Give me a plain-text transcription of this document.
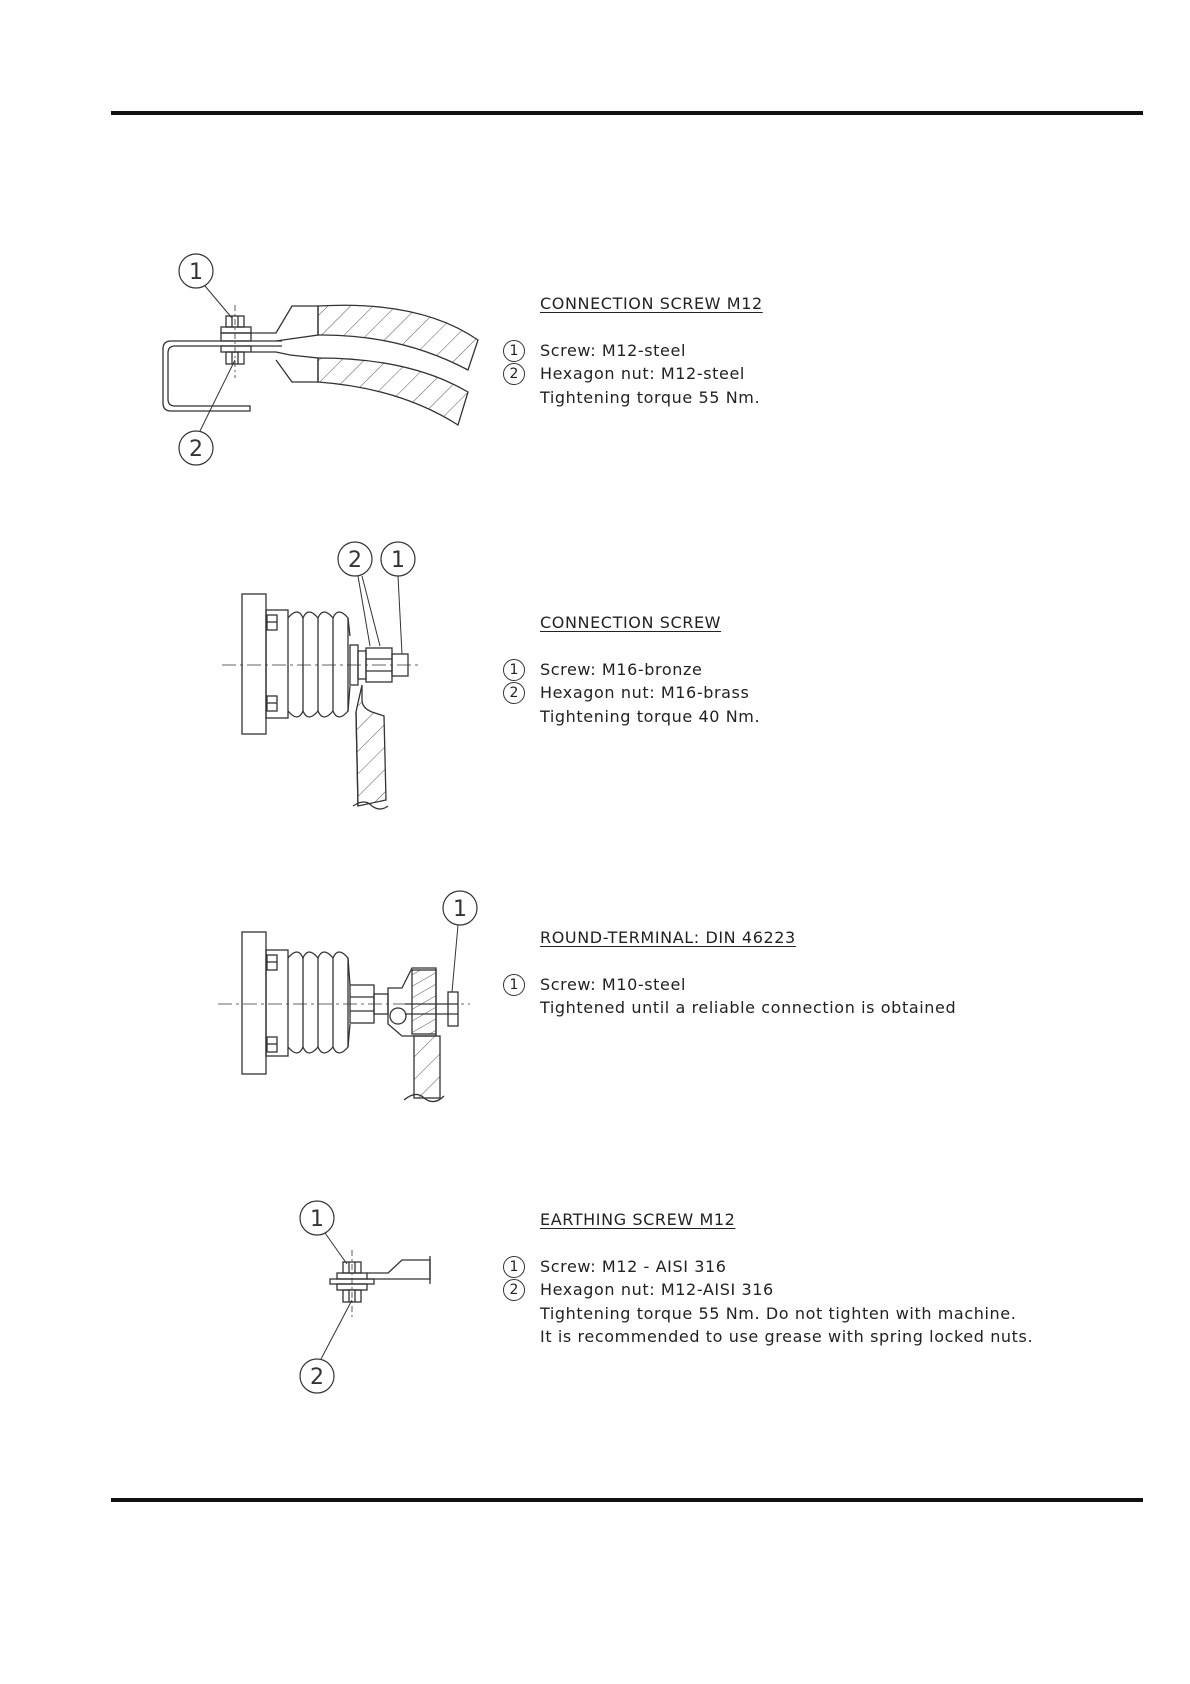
1
2
2 1
1
1
2
CONNECTION SCREW M12
1	Screw: M12-steel
2	Hexagon nut: M12-steel
Tightening torque 55 Nm.
CONNECTION SCREW
1	Screw: M16-bronze
2	Hexagon nut: M16-brass
Tightening torque 40 Nm.
ROUND-TERMINAL: DIN 46223
1	Screw: M10-steel
Tightened until a reliable connection is obtained
EARTHING SCREW M12
1	Screw: M12 - AISI 316
2	Hexagon nut: M12-AISI 316
Tightening torque 55 Nm. Do not tighten with machine.
It is recommended to use grease with spring locked nuts.
